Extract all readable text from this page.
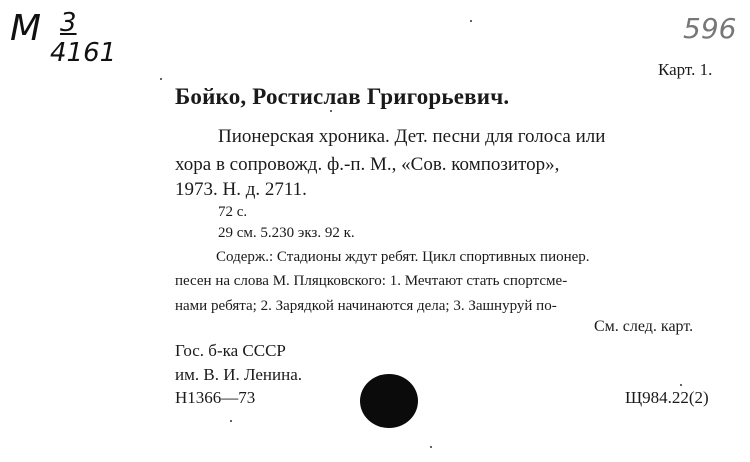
M 3
4161
596
Карт. 1.
Бойко, Ростислав Григорьевич.
Пионерская хроника. Дет. песни для голоса или
хора в сопровожд. ф.-п. М., «Сов. композитор»,
1973. Н. д. 2711.
72 с.
29 см. 5.230 экз. 92 к.
Содерж.: Стадионы ждут ребят. Цикл спортивных пионер.
песен на слова М. Пляцковского: 1. Мечтают стать спортсме-
нами ребята; 2. Зарядкой начинаются дела; 3. Зашнуруй по-
См. след. карт.
Гос. б-ка СССР
им. В. И. Ленина.
Н1366—73	Щ984.22(2)
